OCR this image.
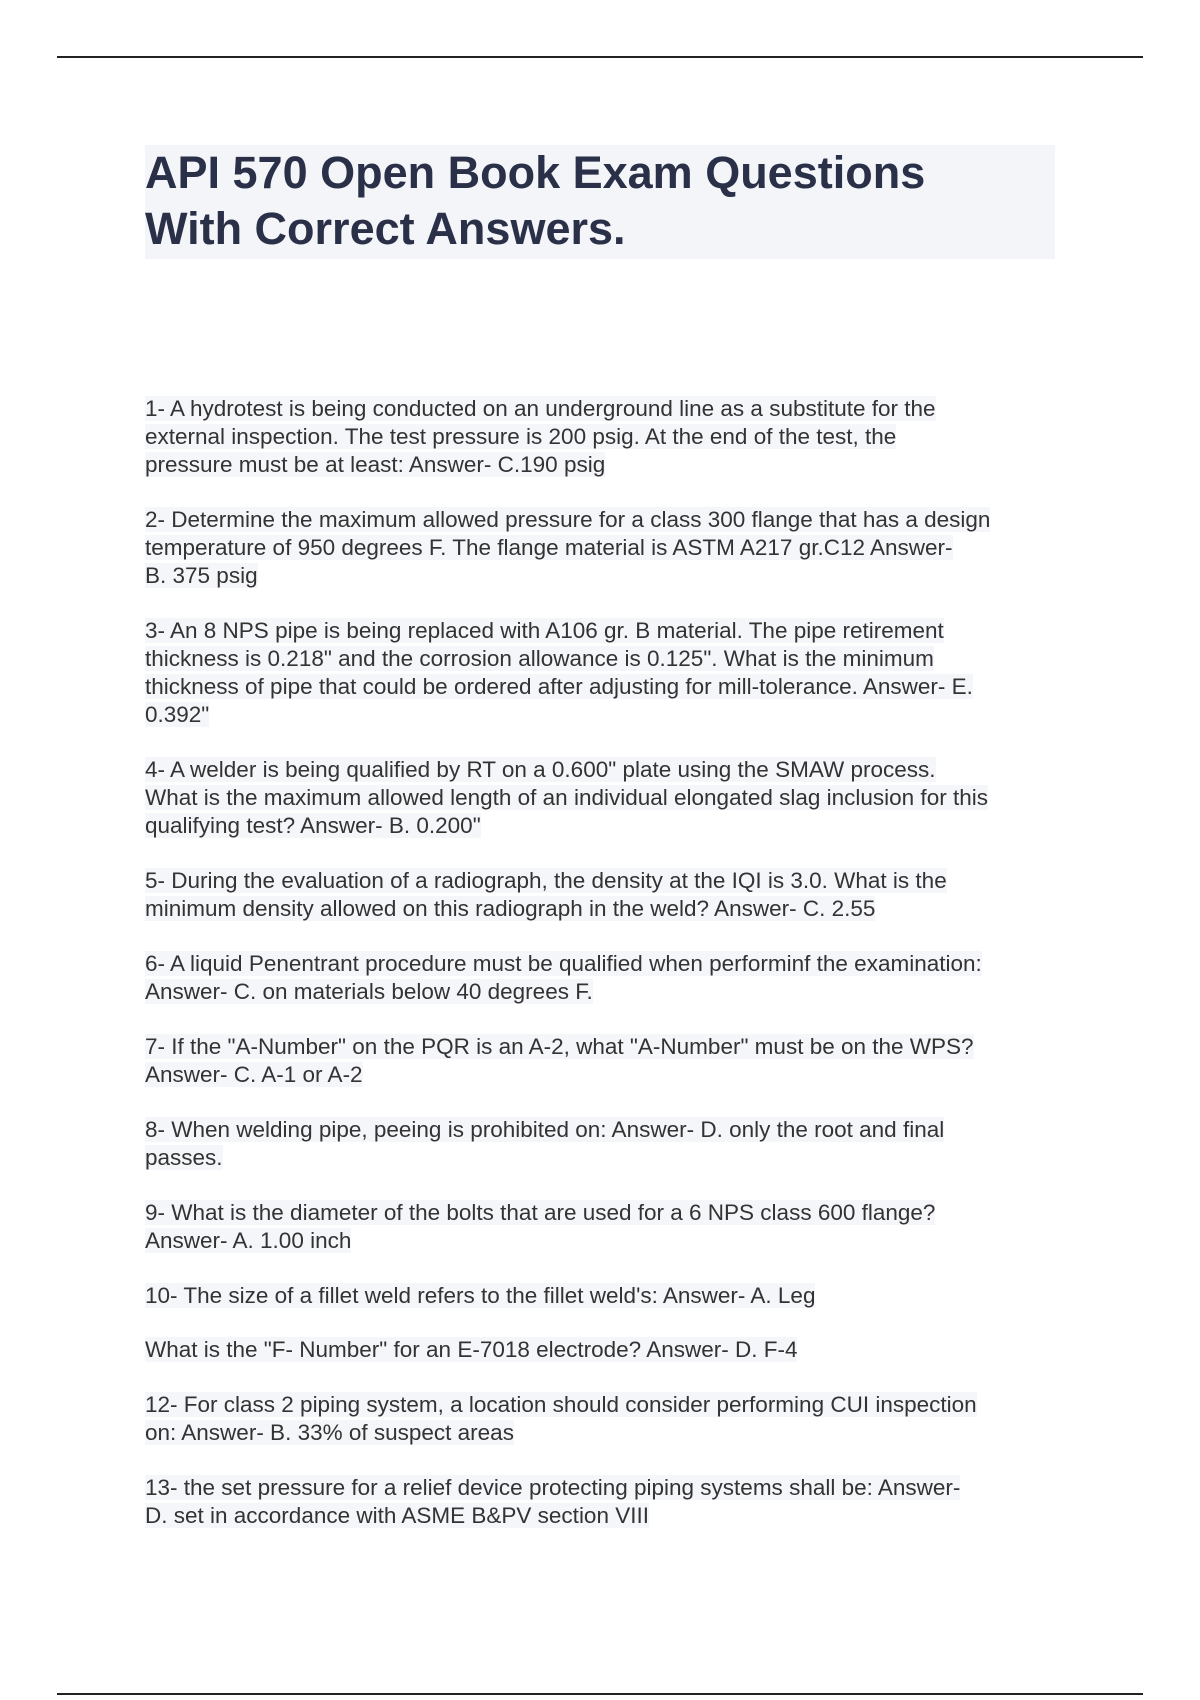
API 570 Open Book Exam Questions
With Correct Answers.

1- A hydrotest is being conducted on an underground line as a substitute for the
external inspection. The test pressure is 200 psig. At the end of the test, the
pressure must be at least: Answer- C.190 psig

2- Determine the maximum allowed pressure for a class 300 flange that has a design
temperature of 950 degrees F. The flange material is ASTM A217 gr.C12 Answer-
B. 375 psig

3- An 8 NPS pipe is being replaced with A106 gr. B material. The pipe retirement
thickness is 0.218" and the corrosion allowance is 0.125". What is the minimum
thickness of pipe that could be ordered after adjusting for mill-tolerance. Answer- E.
0.392"

4- A welder is being qualified by RT on a 0.600" plate using the SMAW process.
What is the maximum allowed length of an individual elongated slag inclusion for this
qualifying test? Answer- B. 0.200"

5- During the evaluation of a radiograph, the density at the IQI is 3.0. What is the
minimum density allowed on this radiograph in the weld? Answer- C. 2.55

6- A liquid Penentrant procedure must be qualified when performinf the examination:
Answer- C. on materials below 40 degrees F.

7- If the "A-Number" on the PQR is an A-2, what "A-Number" must be on the WPS?
Answer- C. A-1 or A-2

8- When welding pipe, peeing is prohibited on: Answer- D. only the root and final
passes.

9- What is the diameter of the bolts that are used for a 6 NPS class 600 flange?
Answer- A. 1.00 inch

10- The size of a fillet weld refers to the fillet weld's: Answer- A. Leg

What is the "F- Number" for an E-7018 electrode? Answer- D. F-4

12- For class 2 piping system, a location should consider performing CUI inspection
on: Answer- B. 33% of suspect areas

13- the set pressure for a relief device protecting piping systems shall be: Answer-
D. set in accordance with ASME B&PV section VIII
